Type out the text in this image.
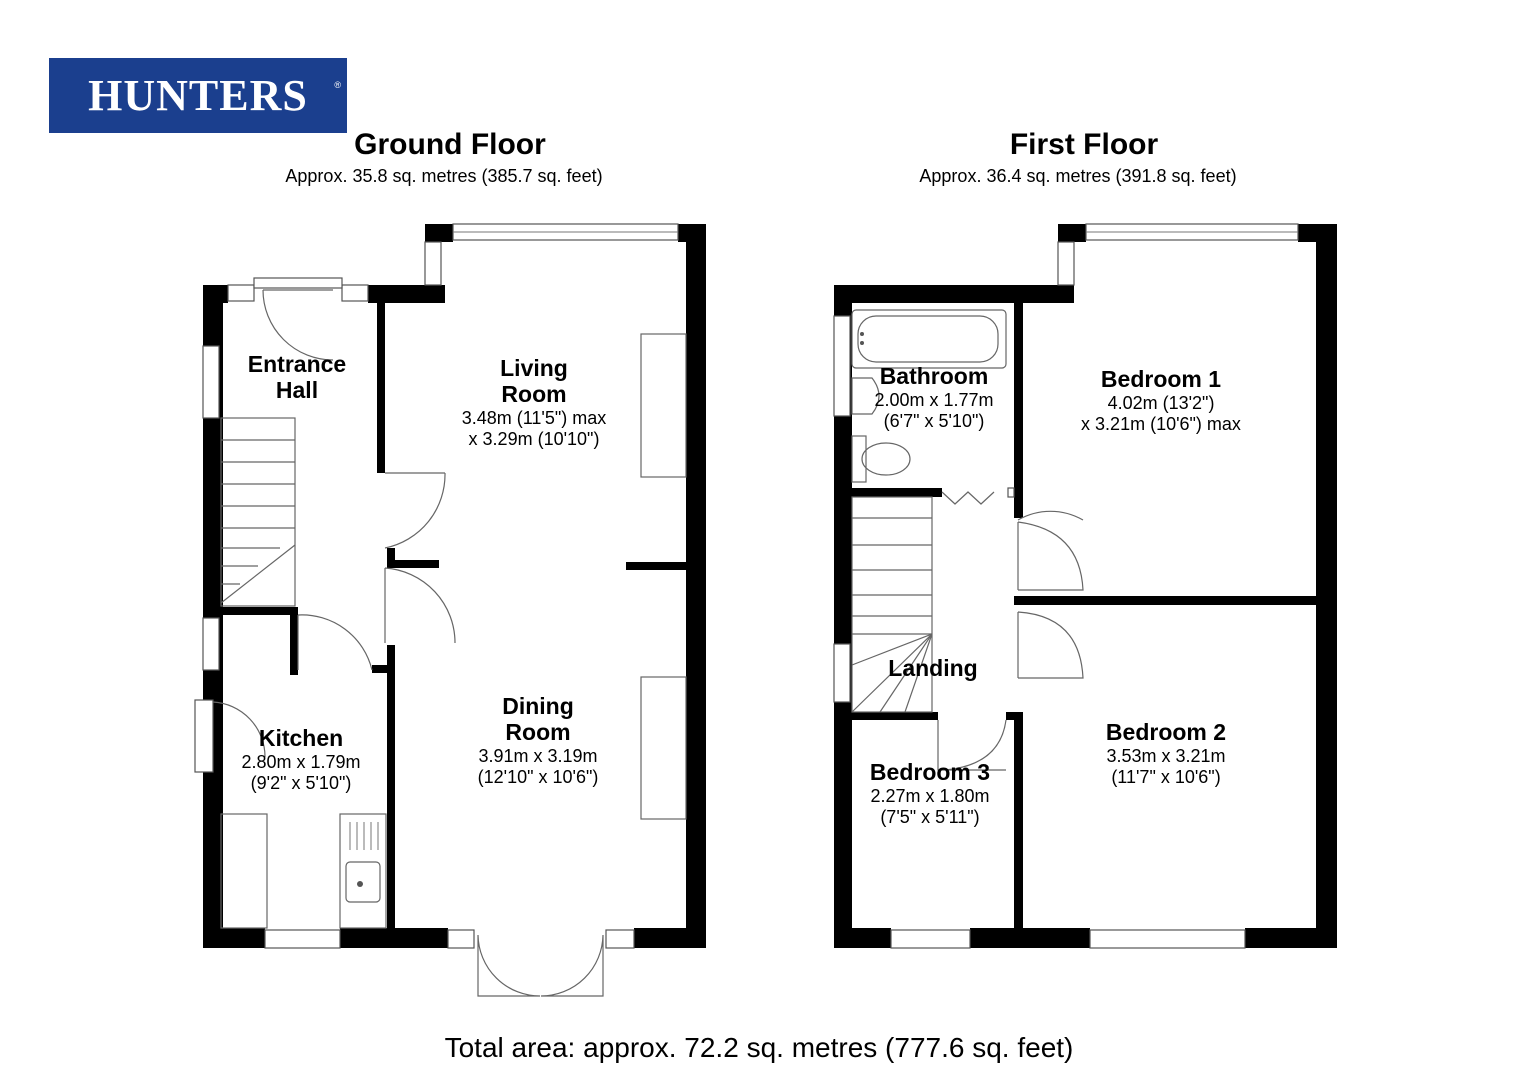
HUNTERS	®
Ground Floor
Approx. 35.8 sq. metres (385.7 sq. feet)
First Floor
Approx. 36.4 sq. metres (391.8 sq. feet)
Entrance
Hall
Living
Room
3.48m (11'5") max
x 3.29m (10'10")
Kitchen
2.80m x 1.79m
(9'2" x 5'10")
Dining
Room
3.91m x 3.19m
(12'10" x 10'6")
Bathroom
2.00m x 1.77m
(6'7" x 5'10")
Bedroom 1
4.02m (13'2")
x 3.21m (10'6") max
Landing
Bedroom 2
3.53m x 3.21m
(11'7" x 10'6")
Bedroom 3
2.27m x 1.80m
(7'5" x 5'11")
Total area: approx. 72.2 sq. metres (777.6 sq. feet)
